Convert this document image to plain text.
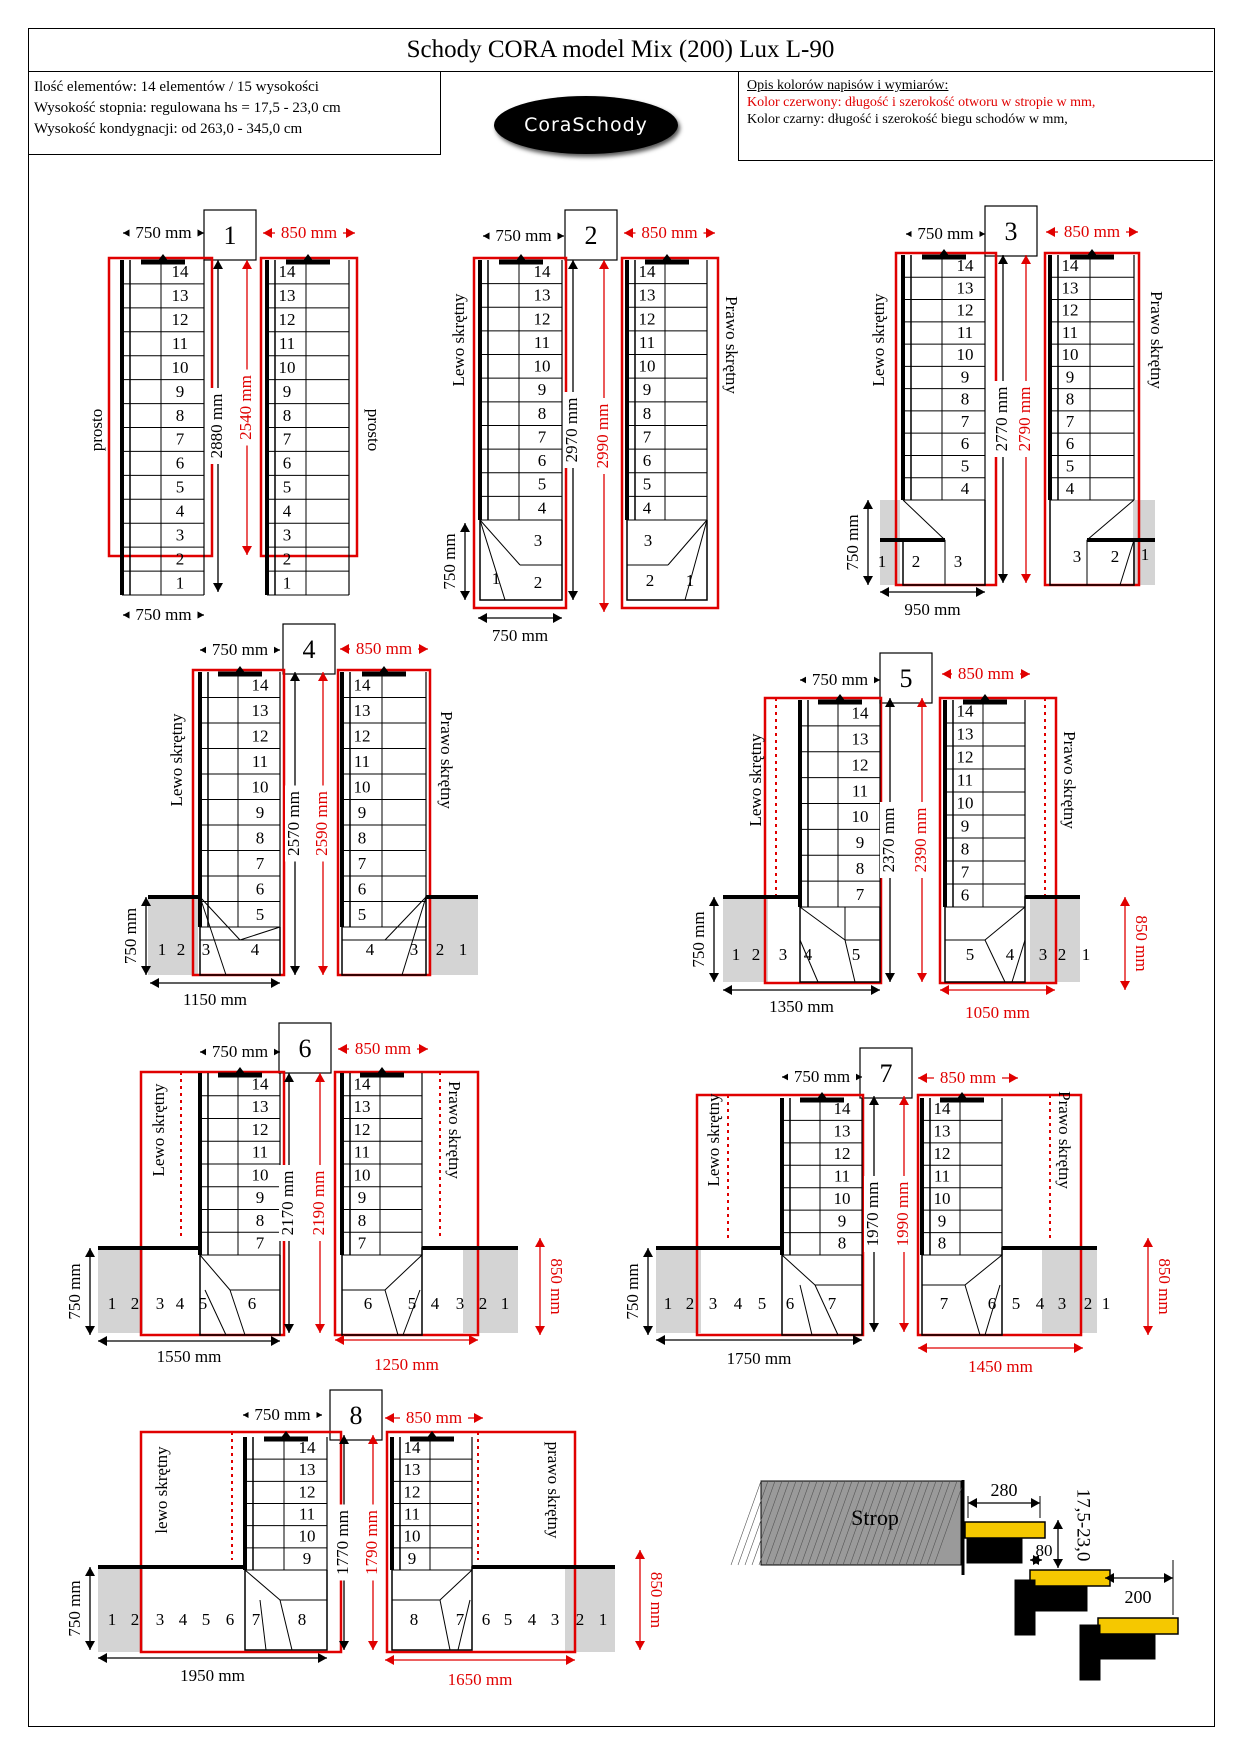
Schody CORA model Mix (200) Lux L-90
Ilość elementów: 14 elementów / 15 wysokości
Wysokość stopnia: regulowana hs = 17,5 - 23,0 cm
Wysokość kondygnacji: od 263,0 - 345,0 cm	CoraSchody
Opis kolorów napisów i wymiarów:
Kolor czerwony: długość i szerokość otworu w stropie w mm,
Kolor czarny: długość i szerokość biegu schodów w mm,
1
14
13
12
11
10
9
8
7
6
5
4
3
2
1
750 mm
750 mm
prosto	2880 mm 2540 mm
14
13
12
11
10
9
8
7
6
5
4
3
2
1
850 mm
prosto
2
14
13
12
11
10
9
8
7
6
5
4
1 2
3
750 mm
750 mm
750 mm
Lewo skrętny
2970 mm 2990 mm
14
13
12
11
10
9
8
7
6
5
4
2 1
3
850 mm
Prawo skrętny
3
14
13
12
11
10
9
8
7
6
5
4
1 2 3
750 mm
950 mm
750 mm
Lewo skrętny
2770 mm 2790 mm
14
13
12
11
10
9
8
7
6
5
4
3 2 1
850 mm
Prawo skrętny
4
14
13
12
11
10
9
8
7
6
5
1 2 3 4
750 mm
1150 mm
750 mm
Lewo skrętny
2570 mm 2590 mm
14
13
12
11
10
9
8
7
6
5
4 3 2 1
850 mm
Prawo skrętny
5
14
13
12
11
10
9
8
7
1 2 3 4 5
750 mm
1350 mm
750 mm
Lewo skrętny
2370 mm 2390 mm
14
13
12
11
10
9
8
7
6
5 4 3 2 1
850 mm
Prawo skrętny
1050 mm
850 mm
6
14
13
12
11
10
9
8
7
1 2 3 4 5 6
750 mm
1550 mm
750 mm
Lewo skrętny
2170 mm 2190 mm
14
13
12
11
10
9
8
7
6 5 4 3 2 1
850 mm
Prawo skrętny
1250 mm
850 mm
7
14
13
12
11
10
9
8
1 2 3 4 5 6 7
750 mm
1750 mm
750 mm
Lewo skrętny
1970 mm 1990 mm
14
13
12
11
10
9
8
7 6 5 4 3 2 1
850 mm
Prawo skrętny
1450 mm
850 mm
8
14
13
12
11
10
9
1 2 3 4 5 6 7 8
750 mm
1950 mm
750 mm
lewo skrętny
1770 mm 1790 mm
14
13
12
11
10
9
8 7 6 5 4 3 2 1
850 mm
prawo skrętny
1650 mm
850 mm
Strop
280
80 17,5-23,0
200
